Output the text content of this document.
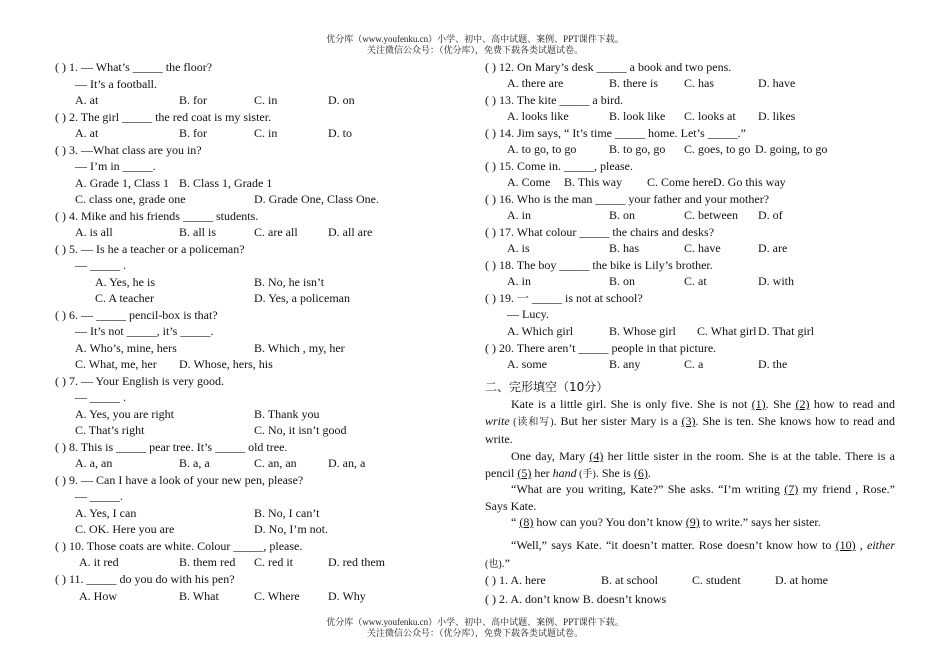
优分库（www.youfenku.cn）小学、初中、高中试题、案例、PPT课件下载。
关注微信公众号：（优分库），免费下载各类试题试卷。
( ) 1. — What’s _____ the floor?
— It’s a football.
A. at	B. for	C. in	D. on
( ) 2. The girl _____ the red coat is my sister.
A. at	B. for	C. in	D. to
( ) 3. —What class are you in?
— I’m in _____.
A. Grade 1, Class 1 B. Class 1, Grade 1
C. class one, grade one	D. Grade One, Class One.
( ) 4. Mike and his friends _____ students.
A. is all	B. all is	C. are all	D. all are
( ) 5. — Is he a teacher or a policeman?
— _____ .
A. Yes, he is	B. No, he isn’t
C. A teacher	D. Yes, a policeman
( ) 6. — _____ pencil-box is that?
— It’s not _____, it’s _____.
A. Who’s, mine, hers	B. Which , my, her
C. What, me, her D. Whose, hers, his
( ) 7. — Your English is very good.
— _____ .
A. Yes, you are right	B. Thank you
C. That’s right	C. No, it isn’t good
( ) 8. This is _____ pear tree. It’s _____ old tree.
A. a, an	B. a, a	C. an, an	D. an, a
( ) 9. — Can I have a look of your new pen, please?
— _____.
A. Yes, I can	B. No, I can’t
C. OK. Here you are	D. No, I’m not.
( ) 10. Those coats are white. Colour _____, please.
A. it red	B. them red C. red it	D. red them
( ) 11. _____ do you do with his pen?
A. How	B. What	C. Where D. Why
( ) 12. On Mary’s desk _____ a book and two pens.
A. there are	B. there is C. has	D. have
( ) 13. The kite _____ a bird.
A. looks like	B. look like C. looks at D. likes
( ) 14. Jim says, “ It’s time _____ home. Let’s _____.”
A. to go, to go	B. to go, go C. goes, to go D. going, to go
( ) 15. Come in. _____, please.
A. Come B. This way C. Come here D. Go this way
( ) 16. Who is the man _____ your father and your mother?
A. in	B. on	C. between D. of
( ) 17. What colour _____ the chairs and desks?
A. is	B. has	C. have	D. are
( ) 18. The boy _____ the bike is Lily’s brother.
A. in	B. on	C. at	D. with
( ) 19. 一 _____ is not at school?
— Lucy.
A. Which girl	B. Whose girl C. What girl D. That girl
( ) 20. There aren’t _____ people in that picture.
A. some	B. any	C. a	D. the
二、完形填空（10分）
Kate is a little girl. She is only five. She is not (1). She (2) how to read and write (读和写). But her sister Mary is a (3). She is ten. She knows how to read and write.
One day, Mary (4) her little sister in the room. She is at the table. There is a pencil (5) her hand (手). She is (6).
“What are you writing, Kate?” She asks. “I’m writing (7) my friend , Rose.” Says Kate.
“ (8) how can you? You don’t know (9) to write.” says her sister.
“Well,” says Kate. “it doesn’t matter. Rose doesn’t know how to (10) , either (也).”
( ) 1. A. here	B. at school	C. student	D. at home
( ) 2. A. don’t know B. doesn’t knows
优分库（www.youfenku.cn）小学、初中、高中试题、案例、PPT课件下载。
关注微信公众号：（优分库），免费下载各类试题试卷。
